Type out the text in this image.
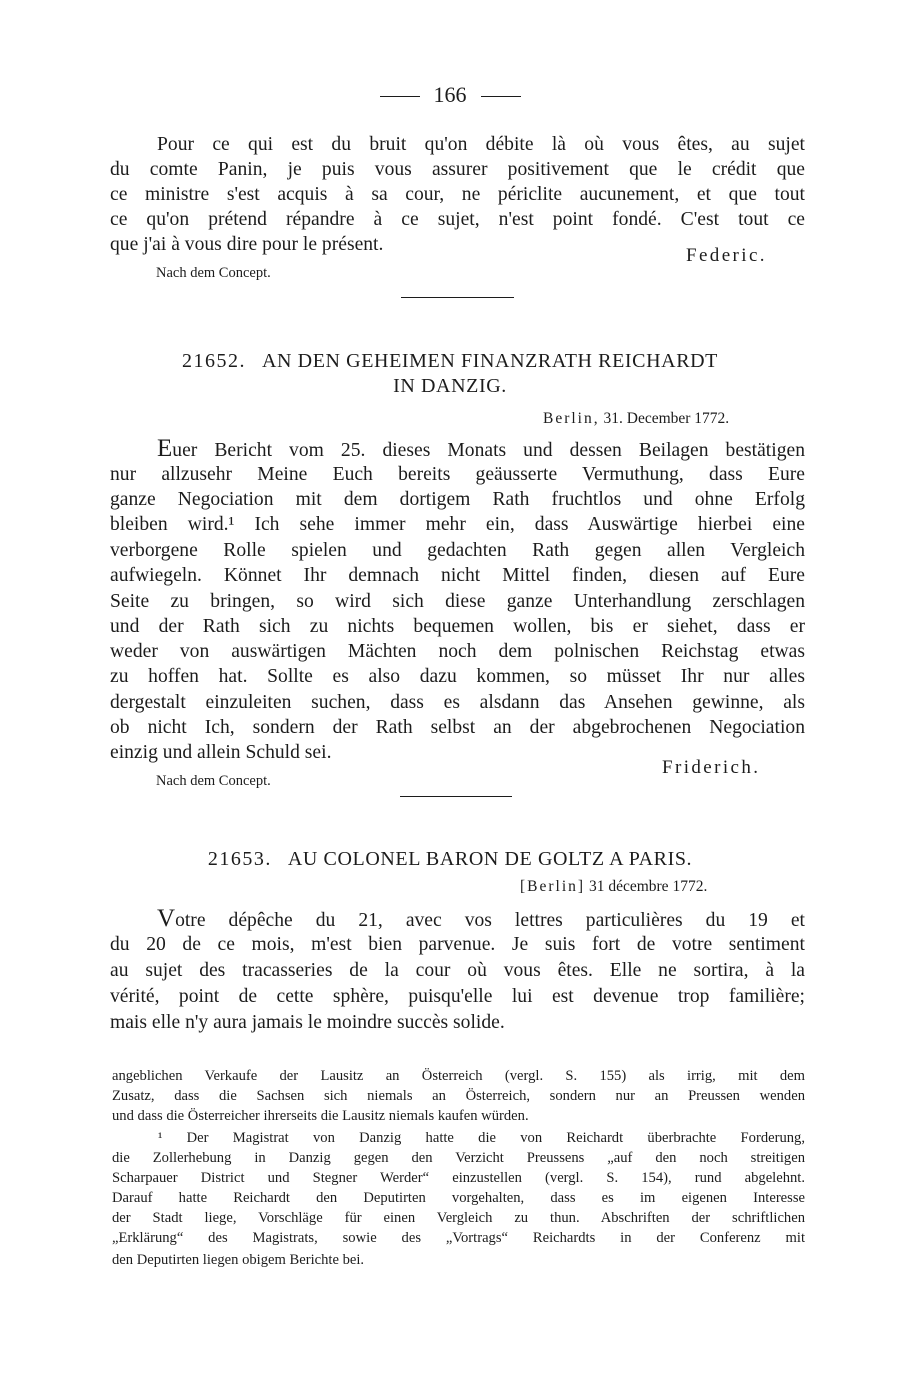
166
Pour ce qui est du bruit qu'on débite là où vous êtes, au sujet
du comte Panin, je puis vous assurer positivement que le crédit que
ce ministre s'est acquis à sa cour, ne périclite aucunement, et que tout
ce qu'on prétend répandre à ce sujet, n'est point fondé. C'est tout ce
que j'ai à vous dire pour le présent.
Federic.
Nach dem Concept.
21652. AN DEN GEHEIMEN FINANZRATH REICHARDT
IN DANZIG.
Berlin, 31. December 1772.
Euer Bericht vom 25. dieses Monats und dessen Beilagen bestätigen
nur allzusehr Meine Euch bereits geäusserte Vermuthung, dass Eure
ganze Negociation mit dem dortigem Rath fruchtlos und ohne Erfolg
bleiben wird.¹ Ich sehe immer mehr ein, dass Auswärtige hierbei eine
verborgene Rolle spielen und gedachten Rath gegen allen Vergleich
aufwiegeln. Könnet Ihr demnach nicht Mittel finden, diesen auf Eure
Seite zu bringen, so wird sich diese ganze Unterhandlung zerschlagen
und der Rath sich zu nichts bequemen wollen, bis er siehet, dass er
weder von auswärtigen Mächten noch dem polnischen Reichstag etwas
zu hoffen hat. Sollte es also dazu kommen, so müsset Ihr nur alles
dergestalt einzuleiten suchen, dass es alsdann das Ansehen gewinne, als
ob nicht Ich, sondern der Rath selbst an der abgebrochenen Negociation
einzig und allein Schuld sei.
Friderich.
Nach dem Concept.
21653. AU COLONEL BARON DE GOLTZ A PARIS.
[Berlin] 31 décembre 1772.
Votre dépêche du 21, avec vos lettres particulières du 19 et
du 20 de ce mois, m'est bien parvenue. Je suis fort de votre sentiment
au sujet des tracasseries de la cour où vous êtes. Elle ne sortira, à la
vérité, point de cette sphère, puisqu'elle lui est devenue trop familière;
mais elle n'y aura jamais le moindre succès solide.
angeblichen Verkaufe der Lausitz an Österreich (vergl. S. 155) als irrig, mit dem
Zusatz, dass die Sachsen sich niemals an Österreich, sondern nur an Preussen wenden
und dass die Österreicher ihrerseits die Lausitz niemals kaufen würden.
¹ Der Magistrat von Danzig hatte die von Reichardt überbrachte Forderung,
die Zollerhebung in Danzig gegen den Verzicht Preussens „auf den noch streitigen
Scharpauer District und Stegner Werder“ einzustellen (vergl. S. 154), rund abgelehnt.
Darauf hatte Reichardt den Deputirten vorgehalten, dass es im eigenen Interesse
der Stadt liege, Vorschläge für einen Vergleich zu thun. Abschriften der schriftlichen
„Erklärung“ des Magistrats, sowie des „Vortrags“ Reichardts in der Conferenz mit
den Deputirten liegen obigem Berichte bei.
